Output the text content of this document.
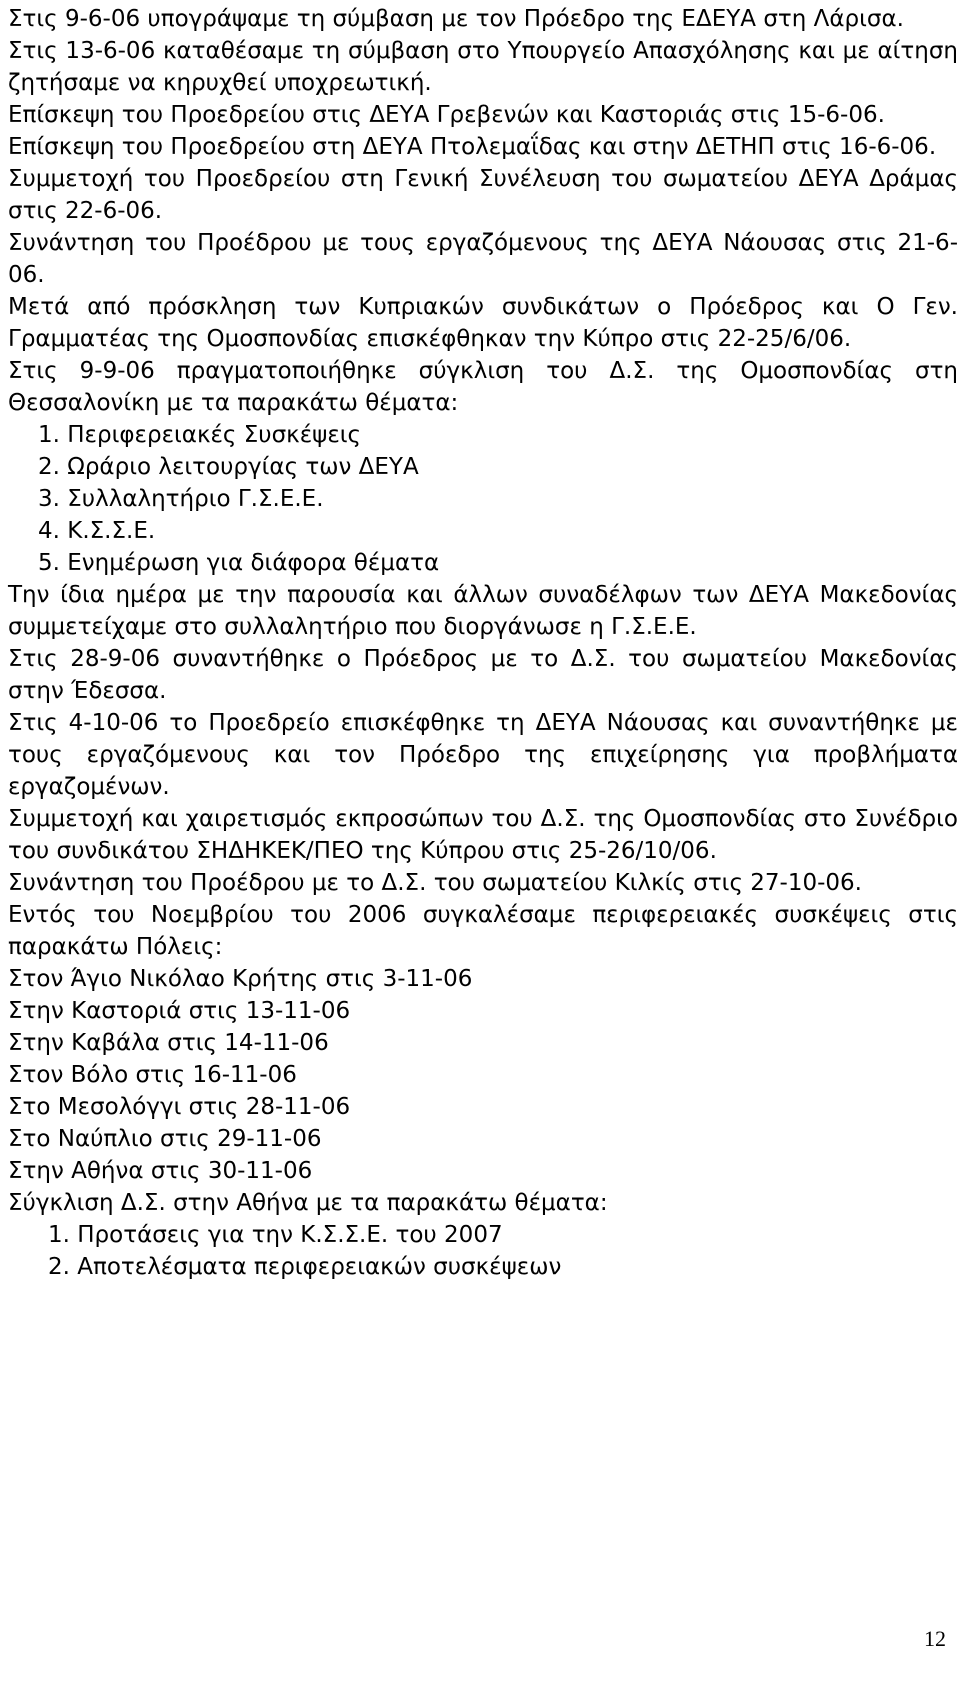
Στις 9-6-06 υπογράψαμε τη σύμβαση με τον Πρόεδρο της ΕΔΕΥΑ στη Λάρισα.

Στις 13-6-06 καταθέσαμε τη σύμβαση στο Υπουργείο Απασχόλησης και με αίτηση ζητήσαμε να κηρυχθεί υποχρεωτική.

Επίσκεψη του Προεδρείου στις ΔΕΥΑ Γρεβενών και Καστοριάς στις 15-6-06.

Επίσκεψη του Προεδρείου στη ΔΕΥΑ Πτολεμαΐδας και στην ΔΕΤΗΠ στις 16-6-06.

Συμμετοχή του Προεδρείου στη Γενική Συνέλευση του σωματείου ΔΕΥΑ Δράμας στις 22-6-06.

Συνάντηση του Προέδρου με τους εργαζόμενους της ΔΕΥΑ Νάουσας στις 21-6-06.

Μετά από πρόσκληση των Κυπριακών συνδικάτων ο Πρόεδρος και Ο Γεν. Γραμματέας της Ομοσπονδίας επισκέφθηκαν την Κύπρο στις 22-25/6/06.

Στις 9-9-06 πραγματοποιήθηκε σύγκλιση του Δ.Σ. της Ομοσπονδίας στη Θεσσαλονίκη με τα παρακάτω θέματα:

1. Περιφερειακές Συσκέψεις
2. Ωράριο λειτουργίας των ΔΕΥΑ
3. Συλλαλητήριο Γ.Σ.Ε.Ε.
4. Κ.Σ.Σ.Ε.
5. Ενημέρωση για διάφορα θέματα

Την ίδια ημέρα με την παρουσία και άλλων συναδέλφων των ΔΕΥΑ Μακεδονίας συμμετείχαμε στο συλλαλητήριο που διοργάνωσε η Γ.Σ.Ε.Ε.

Στις 28-9-06 συναντήθηκε ο Πρόεδρος με το Δ.Σ. του σωματείου Μακεδονίας στην Έδεσσα.

Στις 4-10-06 το Προεδρείο επισκέφθηκε τη ΔΕΥΑ Νάουσας και συναντήθηκε με τους εργαζόμενους και τον Πρόεδρο της επιχείρησης για προβλήματα εργαζομένων.

Συμμετοχή και χαιρετισμός εκπροσώπων του Δ.Σ. της Ομοσπονδίας στο Συνέδριο του συνδικάτου ΣΗΔΗΚΕΚ/ΠΕΟ της Κύπρου στις 25-26/10/06.

Συνάντηση του Προέδρου με το Δ.Σ. του σωματείου Κιλκίς στις 27-10-06.

Εντός του Νοεμβρίου του 2006 συγκαλέσαμε περιφερειακές συσκέψεις στις παρακάτω Πόλεις:

Στον Άγιο Νικόλαο Κρήτης στις 3-11-06

Στην Καστοριά στις 13-11-06

Στην Καβάλα στις 14-11-06

Στον Βόλο στις 16-11-06

Στο Μεσολόγγι στις 28-11-06

Στο Ναύπλιο στις 29-11-06

Στην Αθήνα στις 30-11-06

Σύγκλιση Δ.Σ. στην Αθήνα με τα παρακάτω θέματα:

1. Προτάσεις για την Κ.Σ.Σ.Ε. του 2007
2. Αποτελέσματα περιφερειακών συσκέψεων
12
